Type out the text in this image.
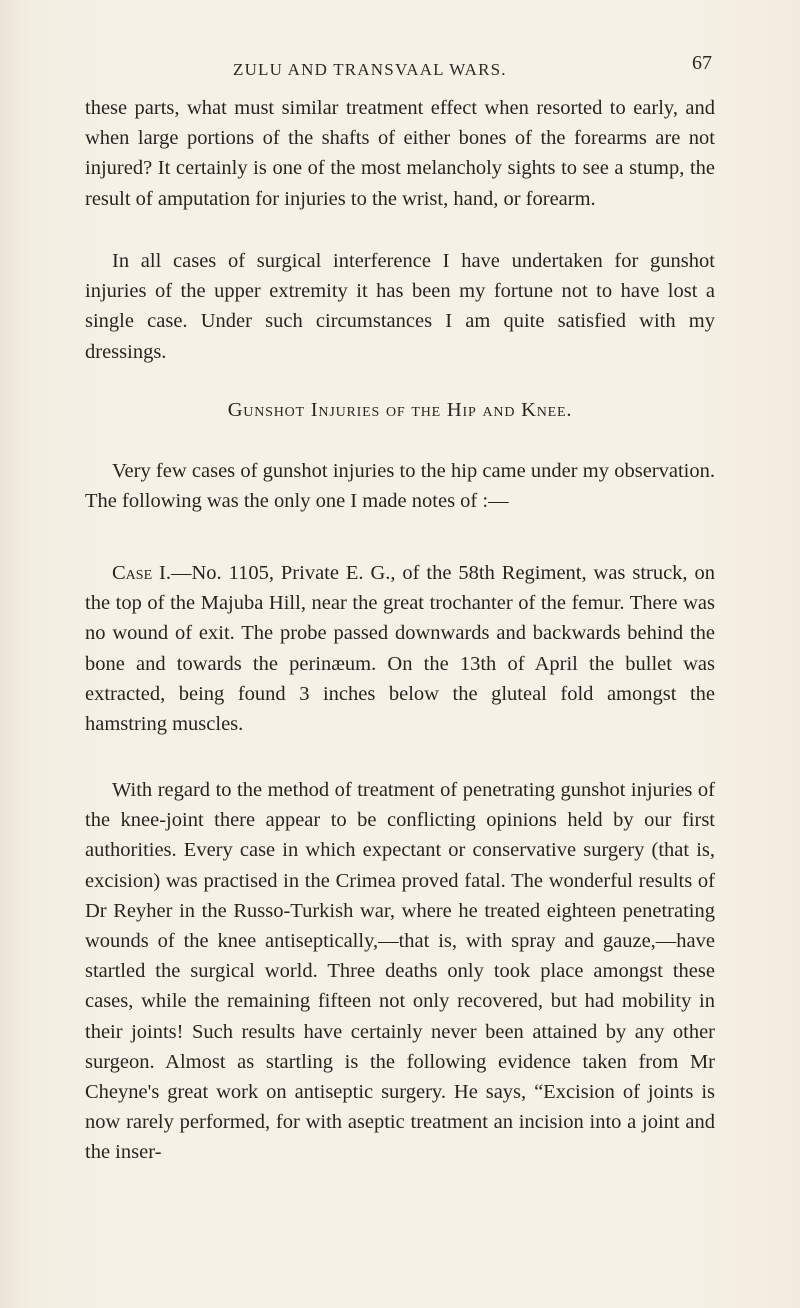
ZULU AND TRANSVAAL WARS.	67

these parts, what must similar treatment effect when resorted to early, and when large portions of the shafts of either bones of the forearms are not injured? It certainly is one of the most melancholy sights to see a stump, the result of amputation for injuries to the wrist, hand, or forearm.

In all cases of surgical interference I have undertaken for gunshot injuries of the upper extremity it has been my fortune not to have lost a single case. Under such circumstances I am quite satisfied with my dressings.

Gunshot Injuries of the Hip and Knee.

Very few cases of gunshot injuries to the hip came under my observation. The following was the only one I made notes of :—

Case I.—No. 1105, Private E. G., of the 58th Regiment, was struck, on the top of the Majuba Hill, near the great trochanter of the femur. There was no wound of exit. The probe passed downwards and backwards behind the bone and towards the perinæum. On the 13th of April the bullet was extracted, being found 3 inches below the gluteal fold amongst the hamstring muscles.

With regard to the method of treatment of penetrating gunshot injuries of the knee-joint there appear to be conflicting opinions held by our first authorities. Every case in which expectant or conservative surgery (that is, excision) was practised in the Crimea proved fatal. The wonderful results of Dr Reyher in the Russo-Turkish war, where he treated eighteen penetrating wounds of the knee antiseptically,—that is, with spray and gauze,—have startled the surgical world. Three deaths only took place amongst these cases, while the remaining fifteen not only recovered, but had mobility in their joints! Such results have certainly never been attained by any other surgeon. Almost as startling is the following evidence taken from Mr Cheyne's great work on antiseptic surgery. He says, “Excision of joints is now rarely performed, for with aseptic treatment an incision into a joint and the inser-
